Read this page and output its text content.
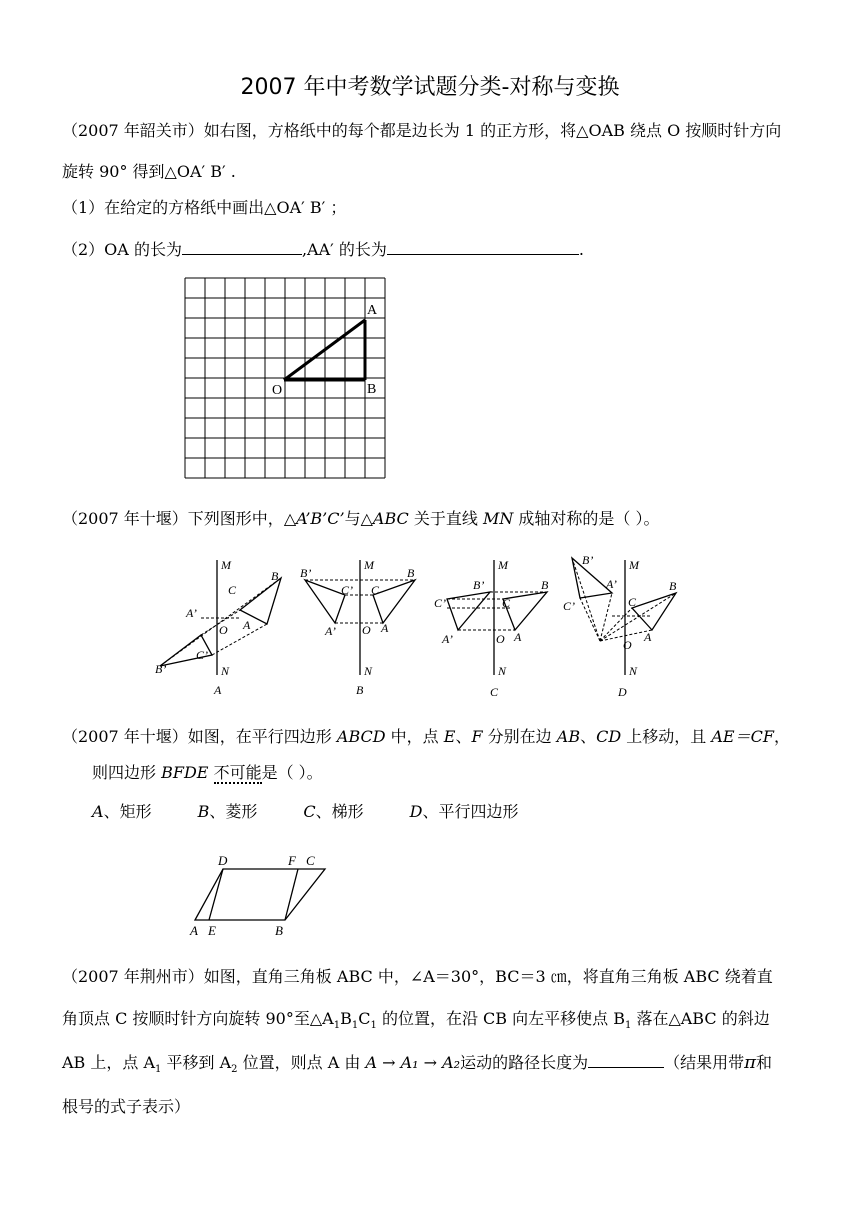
2007 年中考数学试题分类-对称与变换
（2007 年韶关市）如右图，方格纸中的每个都是边长为 1 的正方形，将△OAB 绕点 O 按顺时针方向
旋转 90° 得到△OA′ B′ .
（1）在给定的方格纸中画出△OA′ B′ ；
（2）OA 的长为	,AA′ 的长为	.
A
O	B
（2007 年十堰）下列图形中，△A’B’C’与△ABC 关于直线 MN 成轴对称的是（ ）。
M
N
O
B
C
A
A’
C’
B’
A
M
N
O
B
C
A
B’
C’
A’
B
M
N
O
B
C
A
B’
C’
A’
C
M
N
O
B
C
A
B’
A’
C’
D
（2007 年十堰）如图，在平行四边形 ABCD 中，点 E、F 分别在边 AB、CD 上移动，且 AE＝CF，
则四边形 BFDE 不可能是（ ）。
A、矩形	B、菱形	C、梯形	D、平行四边形
D	F C
A E	B
（2007 年荆州市）如图，直角三角板 ABC 中，∠A＝30°，BC＝3 ㎝，将直角三角板 ABC 绕着直
角顶点 C 按顺时针方向旋转 90°至$\triangle A_1B_1C_1$ 的位置，在沿 CB 向左平移使点 $B_1$ 落在△ABC 的斜边
AB 上，点 $A_1$ 平移到 $A_2$ 位置，则点 A 由 A → A₁ → A₂运动的路径长度为	（结果用带π和
根号的式子表示）
